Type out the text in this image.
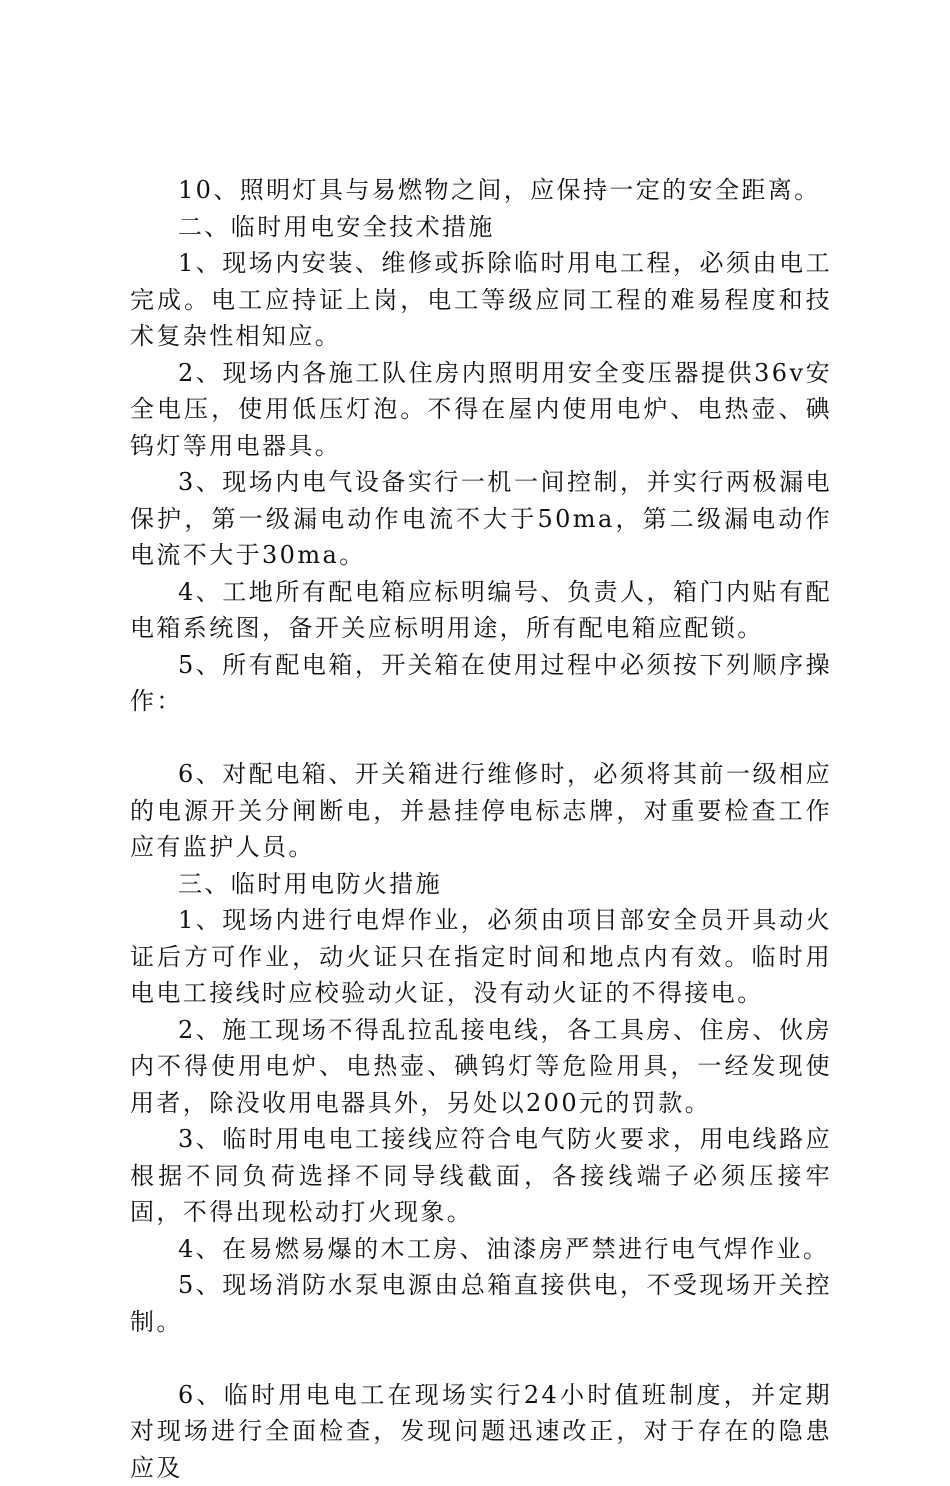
10、照明灯具与易燃物之间，应保持一定的安全距离。

二、临时用电安全技术措施

1、现场内安装、维修或拆除临时用电工程，必须由电工完成。电工应持证上岗，电工等级应同工程的难易程度和技术复杂性相知应。

2、现场内各施工队住房内照明用安全变压器提供36v安全电压，使用低压灯泡。不得在屋内使用电炉、电热壶、碘钨灯等用电器具。

3、现场内电气设备实行一机一间控制，并实行两极漏电保护，第一级漏电动作电流不大于50ma，第二级漏电动作电流不大于30ma。

4、工地所有配电箱应标明编号、负责人，箱门内贴有配电箱系统图，备开关应标明用途，所有配电箱应配锁。

5、所有配电箱，开关箱在使用过程中必须按下列顺序操作：

6、对配电箱、开关箱进行维修时，必须将其前一级相应的电源开关分闸断电，并悬挂停电标志牌，对重要检查工作应有监护人员。

三、临时用电防火措施

1、现场内进行电焊作业，必须由项目部安全员开具动火证后方可作业，动火证只在指定时间和地点内有效。临时用电电工接线时应校验动火证，没有动火证的不得接电。

2、施工现场不得乱拉乱接电线，各工具房、住房、伙房内不得使用电炉、电热壶、碘钨灯等危险用具，一经发现使用者，除没收用电器具外，另处以200元的罚款。

3、临时用电电工接线应符合电气防火要求，用电线路应根据不同负荷选择不同导线截面，各接线端子必须压接牢固，不得出现松动打火现象。

4、在易燃易爆的木工房、油漆房严禁进行电气焊作业。

5、现场消防水泵电源由总箱直接供电，不受现场开关控制。

6、临时用电电工在现场实行24小时值班制度，并定期对现场进行全面检查，发现问题迅速改正，对于存在的隐患应及
